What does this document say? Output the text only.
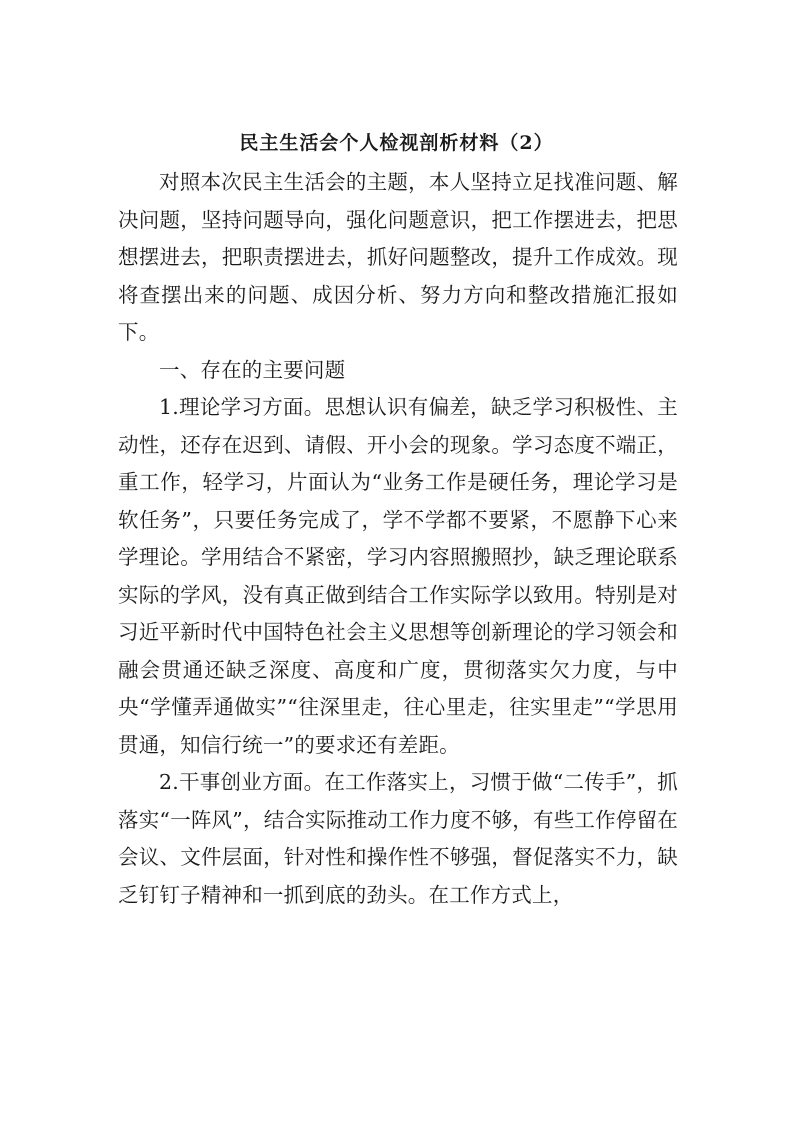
民主生活会个人检视剖析材料（2）

对照本次民主生活会的主题，本人坚持立足找准问题、解决问题，坚持问题导向，强化问题意识，把工作摆进去，把思想摆进去，把职责摆进去，抓好问题整改，提升工作成效。现将查摆出来的问题、成因分析、努力方向和整改措施汇报如下。

一、存在的主要问题

1.理论学习方面。思想认识有偏差，缺乏学习积极性、主动性，还存在迟到、请假、开小会的现象。学习态度不端正，重工作，轻学习，片面认为“业务工作是硬任务，理论学习是软任务”，只要任务完成了，学不学都不要紧，不愿静下心来学理论。学用结合不紧密，学习内容照搬照抄，缺乏理论联系实际的学风，没有真正做到结合工作实际学以致用。特别是对习近平新时代中国特色社会主义思想等创新理论的学习领会和融会贯通还缺乏深度、高度和广度，贯彻落实欠力度，与中央“学懂弄通做实”“往深里走，往心里走，往实里走”“学思用贯通，知信行统一”的要求还有差距。

2.干事创业方面。在工作落实上，习惯于做“二传手”，抓落实“一阵风”，结合实际推动工作力度不够，有些工作停留在会议、文件层面，针对性和操作性不够强，督促落实不力，缺乏钉钉子精神和一抓到底的劲头。在工作方式上，
